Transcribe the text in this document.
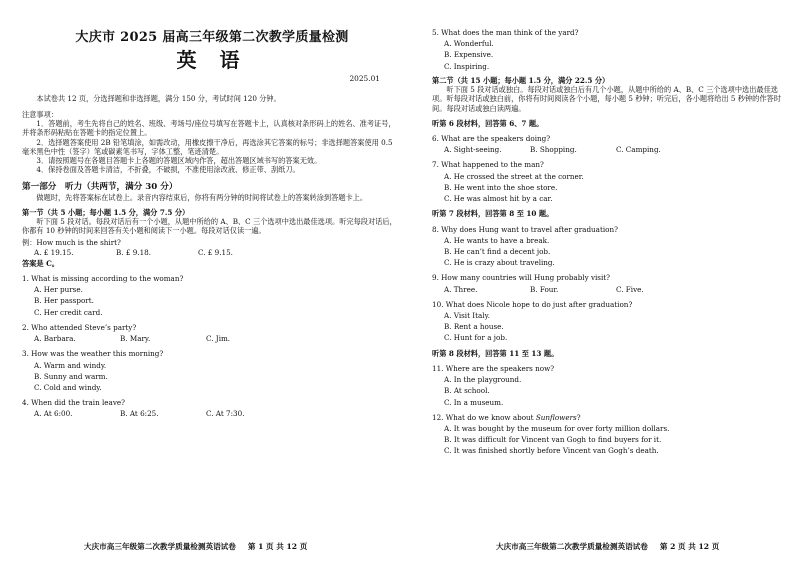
大庆市 2025 届高三年级第二次教学质量检测
英 语
2025.01
本试卷共 12 页，分选择题和非选择题，满分 150 分，考试时间 120 分钟。
注意事项：
1．答题前，考生先将自己的姓名、班级、考场号/座位号填写在答题卡上，认真核对条形码上的姓名、准考证号，并将条形码粘贴在答题卡的指定位置上。
2．选择题答案使用 2B 铅笔填涂，如需改动，用橡皮擦干净后，再选涂其它答案的标号；非选择题答案使用 0.5 毫米黑色中性（签字）笔或碳素笔书写，字体工整，笔迹清楚。
3．请按照题号在各题目答题卡上各题的答题区域内作答，超出答题区域书写的答案无效。
4．保持卷面及答题卡清洁，不折叠，不破损，不准使用涂改液、修正带、刮纸刀。
第一部分　听力（共两节，满分 30 分）
做题时，先将答案标在试卷上。录音内容结束后，你将有两分钟的时间将试卷上的答案转涂到答题卡上。
第一节（共 5 小题；每小题 1.5 分，满分 7.5 分）
听下面 5 段对话。每段对话后有一个小题，从题中所给的 A、B、C 三个选项中选出最佳选项。听完每段对话后，你都有 10 秒钟的时间来回答有关小题和阅读下一小题。每段对话仅读一遍。
例：How much is the shirt?
A. £ 19.15.	B. £ 9.18.	C. £ 9.15.
答案是 C。
1. What is missing according to the woman?
A. Her purse.
B. Her passport.
C. Her credit card.
2. Who attended Steve’s party?
A. Barbara.	B. Mary.	C. Jim.
3. How was the weather this morning?
A. Warm and windy.
B. Sunny and warm.
C. Cold and windy.
4. When did the train leave?
A. At 6:00.	B. At 6:25.	C. At 7:30.
大庆市高三年级第二次教学质量检测英语试卷 第 1 页 共 12 页
5. What does the man think of the yard?
A. Wonderful.
B. Expensive.
C. Inspiring.
第二节（共 15 小题；每小题 1.5 分，满分 22.5 分）
听下面 5 段对话或独白。每段对话或独白后有几个小题，从题中所给的 A、B、C 三个选项中选出最佳选项。听每段对话或独白前，你将有时间阅读各个小题，每小题 5 秒钟；听完后，各小题将给出 5 秒钟的作答时间。每段对话或独白读两遍。
听第 6 段材料，回答第 6、7 题。
6. What are the speakers doing?
A. Sight-seeing.	B. Shopping.	C. Camping.
7. What happened to the man?
A. He crossed the street at the corner.
B. He went into the shoe store.
C. He was almost hit by a car.
听第 7 段材料，回答第 8 至 10 题。
8. Why does Hung want to travel after graduation?
A. He wants to have a break.
B. He can’t find a decent job.
C. He is crazy about traveling.
9. How many countries will Hung probably visit?
A. Three.	B. Four.	C. Five.
10. What does Nicole hope to do just after graduation?
A. Visit Italy.
B. Rent a house.
C. Hunt for a job.
听第 8 段材料，回答第 11 至 13 题。
11. Where are the speakers now?
A. In the playground.
B. At school.
C. In a museum.
12. What do we know about Sunflowers?
A. It was bought by the museum for over forty million dollars.
B. It was difficult for Vincent van Gogh to find buyers for it.
C. It was finished shortly before Vincent van Gogh’s death.
大庆市高三年级第二次教学质量检测英语试卷 第 2 页 共 12 页
